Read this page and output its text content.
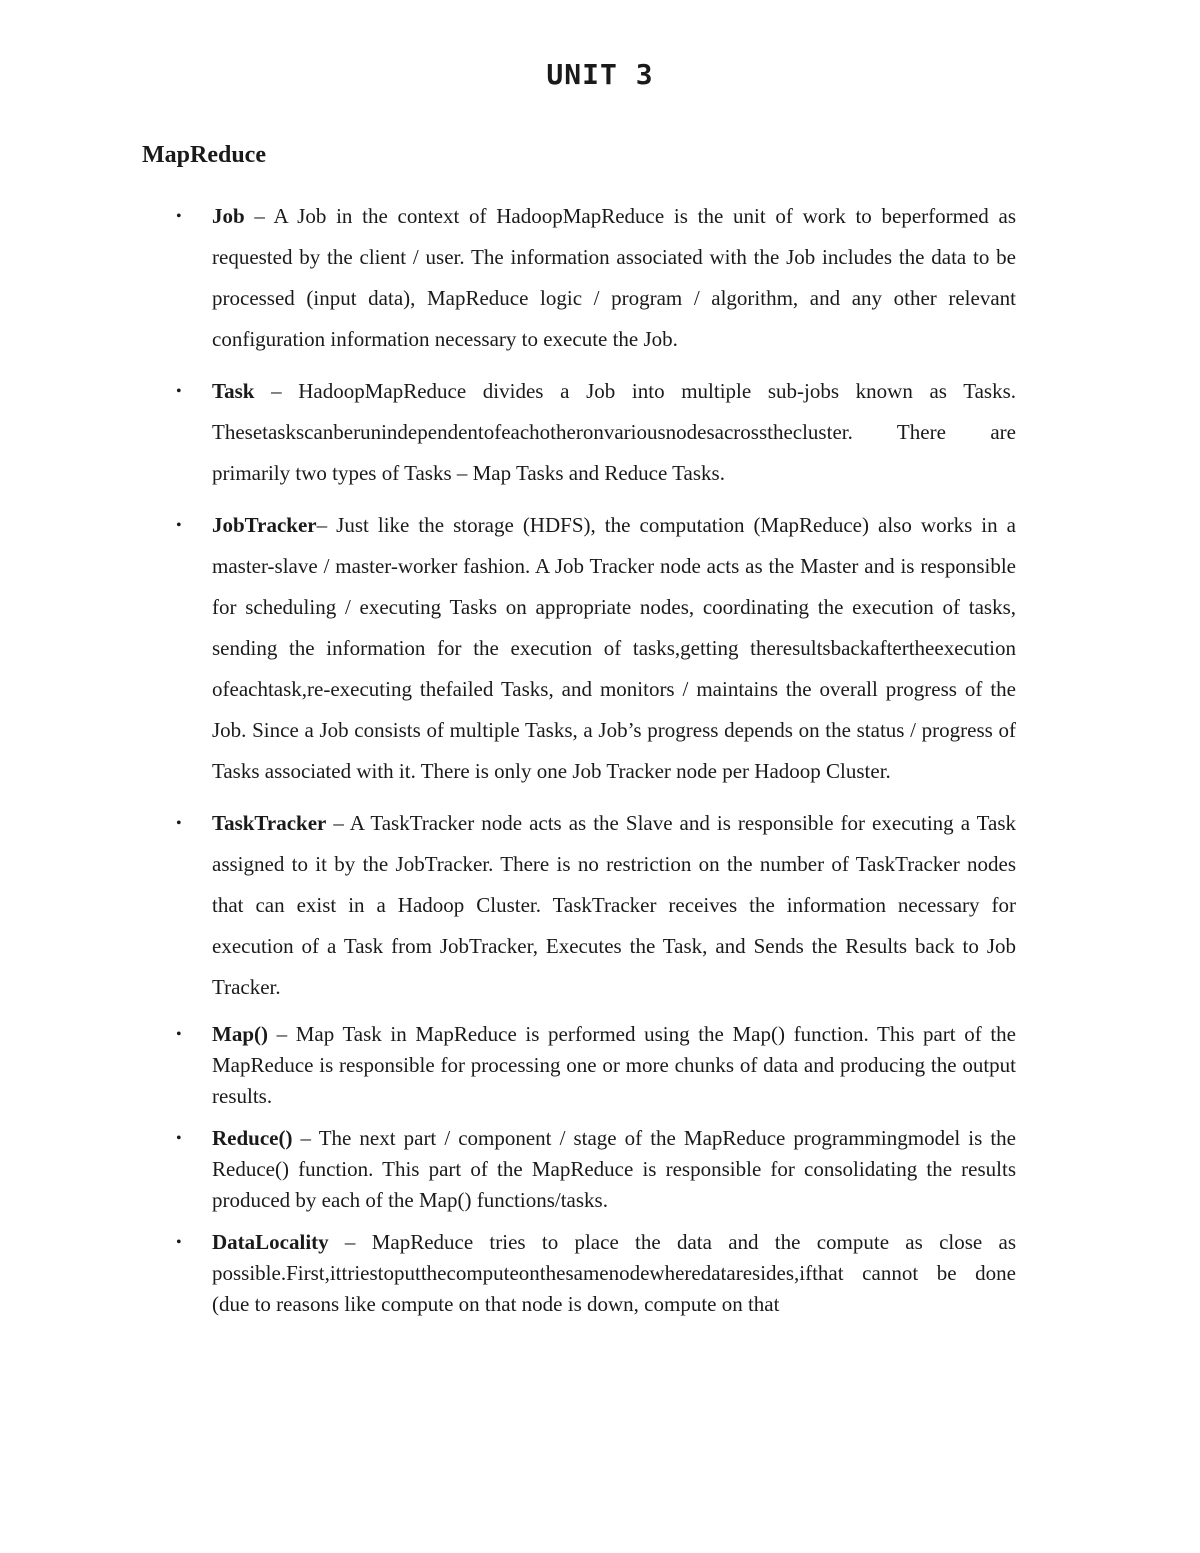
UNIT 3
MapReduce
• Job – A Job in the context of HadoopMapReduce is the unit of work to beperformed as requested by the client / user. The information associated with the Job includes the data to be processed (input data), MapReduce logic / program / algorithm, and any other relevant configuration information necessary to execute the Job.
• Task – HadoopMapReduce divides a Job into multiple sub-jobs known as Tasks. Thesetaskscanberunindependentofeachotheronvariousnodesacrossthecluster. There are primarily two types of Tasks – Map Tasks and Reduce Tasks.
• JobTracker– Just like the storage (HDFS), the computation (MapReduce) also works in a master-slave / master-worker fashion. A Job Tracker node acts as the Master and is responsible for scheduling / executing Tasks on appropriate nodes, coordinating the execution of tasks, sending the information for the execution of tasks,getting theresultsbackaftertheexecution ofeachtask,re-executing thefailed Tasks, and monitors / maintains the overall progress of the Job. Since a Job consists of multiple Tasks, a Job’s progress depends on the status / progress of Tasks associated with it. There is only one Job Tracker node per Hadoop Cluster.
• TaskTracker – A TaskTracker node acts as the Slave and is responsible for executing a Task assigned to it by the JobTracker. There is no restriction on the number of TaskTracker nodes that can exist in a Hadoop Cluster. TaskTracker receives the information necessary for execution of a Task from JobTracker, Executes the Task, and Sends the Results back to Job Tracker.
• Map() – Map Task in MapReduce is performed using the Map() function. This part of the MapReduce is responsible for processing one or more chunks of data and producing the output results.
• Reduce() – The next part / component / stage of the MapReduce programmingmodel is the Reduce() function. This part of the MapReduce is responsible for consolidating the results produced by each of the Map() functions/tasks.
• DataLocality – MapReduce tries to place the data and the compute as close as possible.First,ittriestoputthecomputeonthesamenodewheredataresides,ifthat cannot be done (due to reasons like compute on that node is down, compute on that
